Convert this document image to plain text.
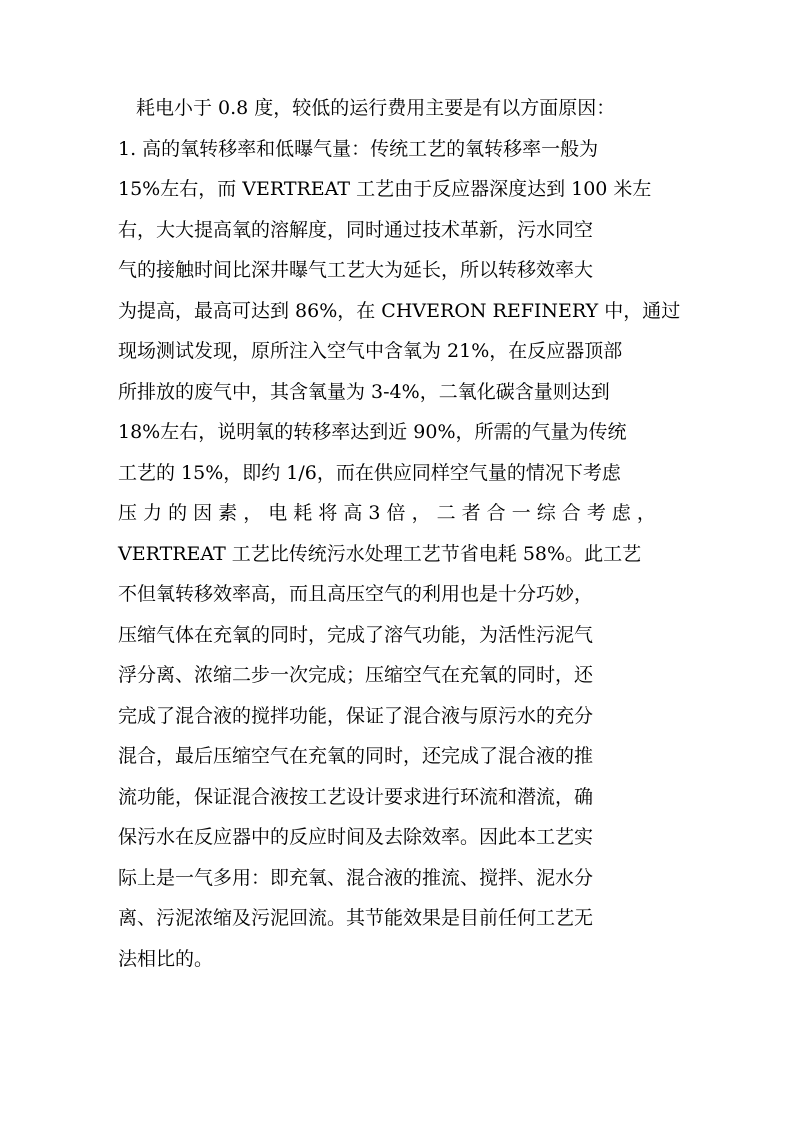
耗电小于 0.8 度，较低的运行费用主要是有以方面原因：
1. 高的氧转移率和低曝气量：传统工艺的氧转移率一般为
15%左右，而 VERTREAT 工艺由于反应器深度达到 100 米左
右，大大提高氧的溶解度，同时通过技术革新，污水同空
气的接触时间比深井曝气工艺大为延长，所以转移效率大
为提高，最高可达到 86%，在 CHVERON REFINERY 中，通过
现场测试发现，原所注入空气中含氧为 21%，在反应器顶部
所排放的废气中，其含氧量为 3-4%，二氧化碳含量则达到
18%左右，说明氧的转移率达到近 90%，所需的气量为传统
工艺的 15%，即约 1/6，而在供应同样空气量的情况下考虑
压 力 的 因 素 ， 电 耗 将 高 3 倍 ， 二 者 合 一 综 合 考 虑 ，
VERTREAT 工艺比传统污水处理工艺节省电耗 58%。此工艺
不但氧转移效率高，而且高压空气的利用也是十分巧妙，
压缩气体在充氧的同时，完成了溶气功能，为活性污泥气
浮分离、浓缩二步一次完成；压缩空气在充氧的同时，还
完成了混合液的搅拌功能，保证了混合液与原污水的充分
混合，最后压缩空气在充氧的同时，还完成了混合液的推
流功能，保证混合液按工艺设计要求进行环流和潜流，确
保污水在反应器中的反应时间及去除效率。因此本工艺实
际上是一气多用：即充氧、混合液的推流、搅拌、泥水分
离、污泥浓缩及污泥回流。其节能效果是目前任何工艺无
法相比的。
